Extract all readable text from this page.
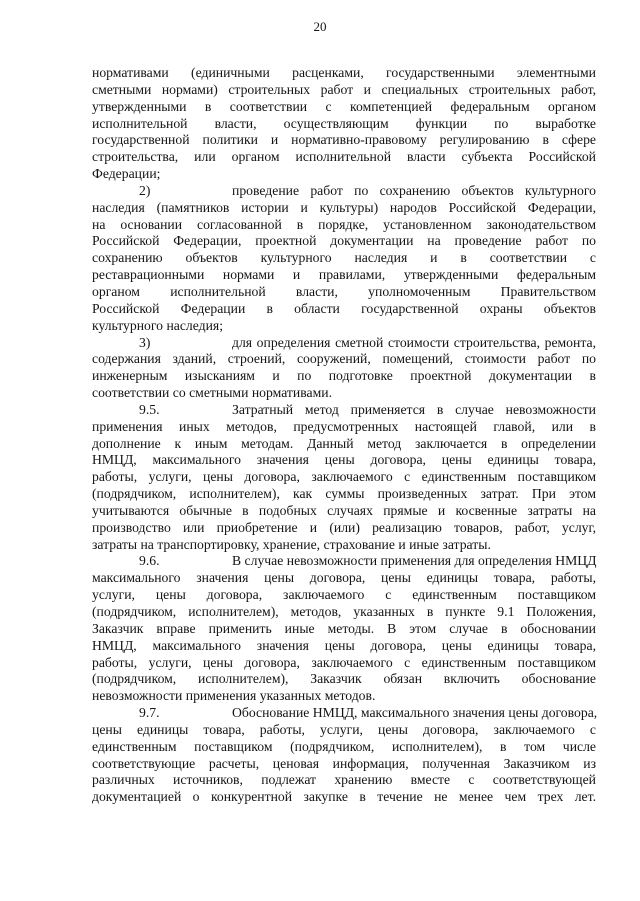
20
нормативами (единичными расценками, государственными элементными
сметными нормами) строительных работ и специальных строительных работ,
утвержденными в соответствии с компетенцией федеральным органом
исполнительной власти, осуществляющим функции по выработке
государственной политики и нормативно-правовому регулированию в сфере
строительства, или органом исполнительной власти субъекта Российской
Федерации;
2)	проведение работ по сохранению объектов культурного
наследия (памятников истории и культуры) народов Российской Федерации,
на основании согласованной в порядке, установленном законодательством
Российской Федерации, проектной документации на проведение работ по
сохранению объектов культурного наследия и в соответствии с
реставрационными нормами и правилами, утвержденными федеральным
органом исполнительной власти, уполномоченным Правительством
Российской Федерации в области государственной охраны объектов
культурного наследия;
3)	для определения сметной стоимости строительства, ремонта,
содержания зданий, строений, сооружений, помещений, стоимости работ по
инженерным изысканиям и по подготовке проектной документации в
соответствии со сметными нормативами.
9.5.	Затратный метод применяется в случае невозможности
применения иных методов, предусмотренных настоящей главой, или в
дополнение к иным методам. Данный метод заключается в определении
НМЦД, максимального значения цены договора, цены единицы товара,
работы, услуги, цены договора, заключаемого с единственным поставщиком
(подрядчиком, исполнителем), как суммы произведенных затрат. При этом
учитываются обычные в подобных случаях прямые и косвенные затраты на
производство или приобретение и (или) реализацию товаров, работ, услуг,
затраты на транспортировку, хранение, страхование и иные затраты.
9.6.	В случае невозможности применения для определения НМЦД
максимального значения цены договора, цены единицы товара, работы,
услуги, цены договора, заключаемого с единственным поставщиком
(подрядчиком, исполнителем), методов, указанных в пункте 9.1 Положения,
Заказчик вправе применить иные методы. В этом случае в обосновании
НМЦД, максимального значения цены договора, цены единицы товара,
работы, услуги, цены договора, заключаемого с единственным поставщиком
(подрядчиком, исполнителем), Заказчик обязан включить обоснование
невозможности применения указанных методов.
9.7.	Обоснование НМЦД, максимального значения цены договора,
цены единицы товара, работы, услуги, цены договора, заключаемого с
единственным поставщиком (подрядчиком, исполнителем), в том числе
соответствующие расчеты, ценовая информация, полученная Заказчиком из
различных источников, подлежат хранению вместе с соответствующей
документацией о конкурентной закупке в течение не менее чем трех лет.
